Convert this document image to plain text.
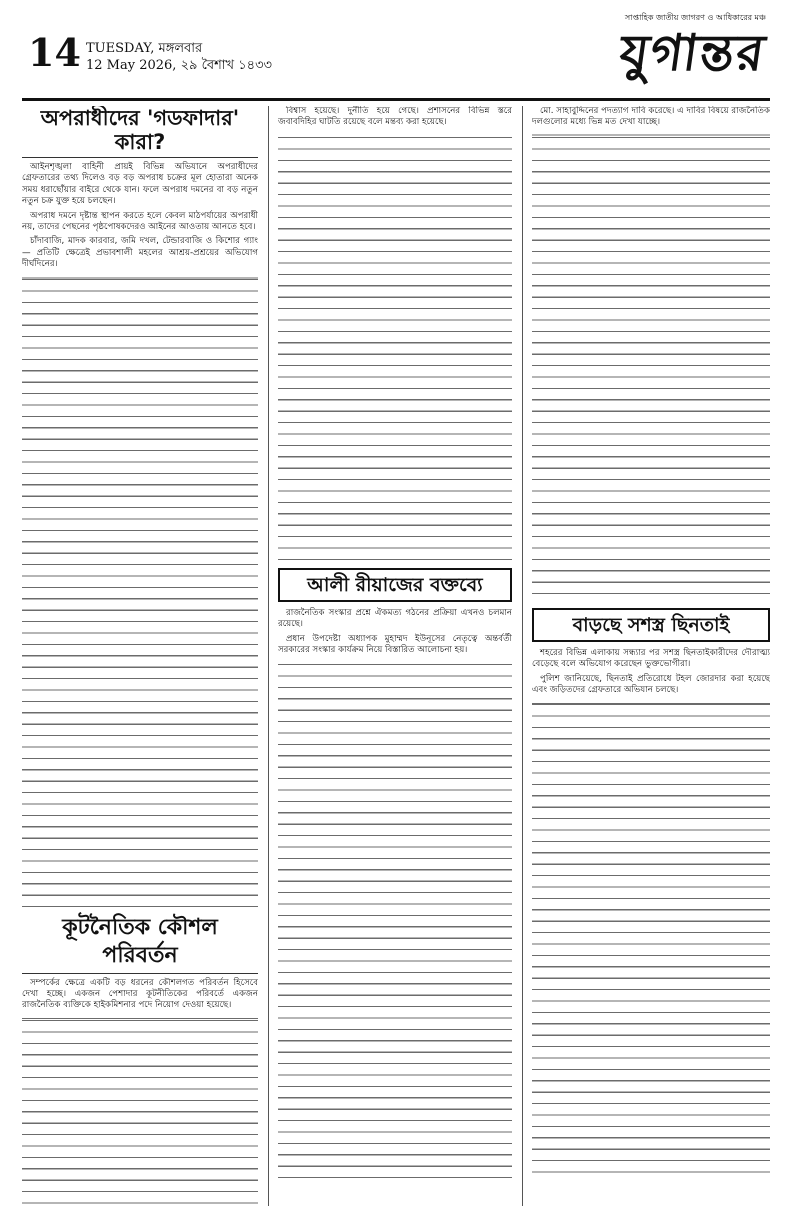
14 TUESDAY, মঙ্গলবার
12 May 2026, ২৯ বৈশাখ ১৪৩৩
সাপ্তাহিক জাতীয় জাগরণ ও আধিকারের মঞ্চ
যুগান্তর
অপরাধীদের 'গডফাদার' কারা?

আইনশৃঙ্খলা বাহিনী প্রায়ই বিভিন্ন অভিযানে অপরাধীদের গ্রেফতারের তথ্য দিলেও বড় বড় অপরাধ চক্রের মূল হোতারা অনেক সময় ধরাছোঁয়ার বাইরে থেকে যান। ফলে অপরাধ দমনের বা বড় নতুন নতুন চক্র যুক্ত হয়ে চলছেন।

অপরাধ দমনে দৃষ্টান্ত স্থাপন করতে হলে কেবল মাঠপর্যায়ের অপরাধী নয়, তাদের পেছনের পৃষ্ঠপোষকদেরও আইনের আওতায় আনতে হবে।

চাঁদাবাজি, মাদক কারবার, জমি দখল, টেন্ডারবাজি ও কিশোর গ্যাং— প্রতিটি ক্ষেত্রেই প্রভাবশালী মহলের আশ্রয়-প্রশ্রয়ের অভিযোগ দীর্ঘদিনের।

কূটনৈতিক কৌশল পরিবর্তন

সম্পর্কের ক্ষেত্রে একটি বড় ধরনের কৌশলগত পরিবর্তন হিসেবে দেখা হচ্ছে। একজন পেশাদার কূটনীতিকের পরিবর্তে একজন রাজনৈতিক ব্যক্তিকে হাইকমিশনার পদে নিয়োগ দেওয়া হয়েছে।

বিশ্বাস হয়েছে। দুর্নীতি হয়ে গেছে। প্রশাসনের বিভিন্ন স্তরে জবাবদিহির ঘাটতি রয়েছে বলে মন্তব্য করা হয়েছে।

আলী রীয়াজের বক্তব্যে

রাজনৈতিক সংস্কার প্রশ্নে ঐকমত্য গঠনের প্রক্রিয়া এখনও চলমান রয়েছে।

প্রধান উপদেষ্টা অধ্যাপক মুহাম্মদ ইউনূসের নেতৃত্বে অন্তর্বর্তী সরকারের সংস্কার কার্যক্রম নিয়ে বিস্তারিত আলোচনা হয়।

মো. সাহাবুদ্দিনের পদত্যাগ দাবি করেছে। এ দাবির বিষয়ে রাজনৈতিক দলগুলোর মধ্যে ভিন্ন মত দেখা যাচ্ছে।

বাড়ছে সশস্ত্র ছিনতাই

শহরের বিভিন্ন এলাকায় সন্ধ্যার পর সশস্ত্র ছিনতাইকারীদের দৌরাত্ম্য বেড়েছে বলে অভিযোগ করেছেন ভুক্তভোগীরা।

পুলিশ জানিয়েছে, ছিনতাই প্রতিরোধে টহল জোরদার করা হয়েছে এবং জড়িতদের গ্রেফতারে অভিযান চলছে।
